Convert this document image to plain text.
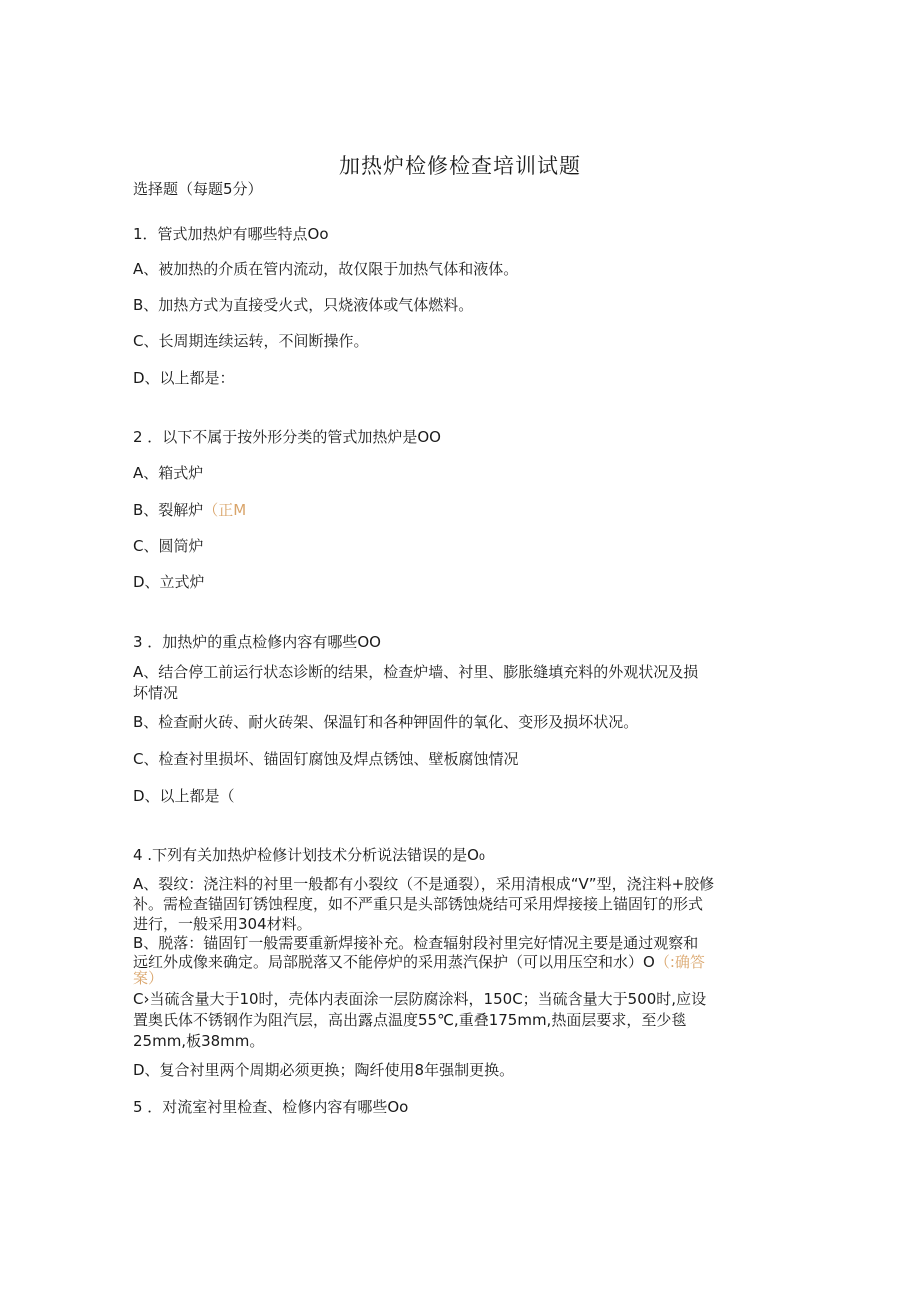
加热炉检修检查培训试题
选择题（每题5分）
1．管式加热炉有哪些特点Oo
A、被加热的介质在管内流动，故仅限于加热气体和液体。
B、加热方式为直接受火式，只烧液体或气体燃料。
C、长周期连续运转，不间断操作。
D、以上都是：
2 ．以下不属于按外形分类的管式加热炉是OO
A、箱式炉
B、裂解炉（正M
C、圆筒炉
D、立式炉
3 ．加热炉的重点检修内容有哪些OO
A、结合停工前运行状态诊断的结果，检查炉墙、衬里、膨胀缝填充料的外观状况及损
坏情况
B、检查耐火砖、耐火砖架、保温钉和各种钾固件的氧化、变形及损坏状况。
C、检查衬里损坏、锚固钉腐蚀及焊点锈蚀、壁板腐蚀情况
D、以上都是（
4 .下列有关加热炉检修计划技术分析说法错误的是O₀
A、裂纹：浇注料的衬里一般都有小裂纹（不是通裂），采用清根成“V”型，浇注料+胶修
补。需检查锚固钉锈蚀程度，如不严重只是头部锈蚀烧结可采用焊接接上锚固钉的形式
进行，一般采用304材料。
B、脱落：锚固钉一般需要重新焊接补充。检查辐射段衬里完好情况主要是通过观察和
远红外成像来确定。局部脱落又不能停炉的采用蒸汽保护（可以用压空和水）O（:确答
案）
C›当硫含量大于10时，壳体内表面涂一层防腐涂料，150C；当硫含量大于500时,应设
置奥氏体不锈钢作为阻汽层，高出露点温度55℃,重叠175mm,热面层要求，至少毯
25mm,板38mm。
D、复合衬里两个周期必须更换；陶纤使用8年强制更换。
5 ．对流室衬里检查、检修内容有哪些Oo
